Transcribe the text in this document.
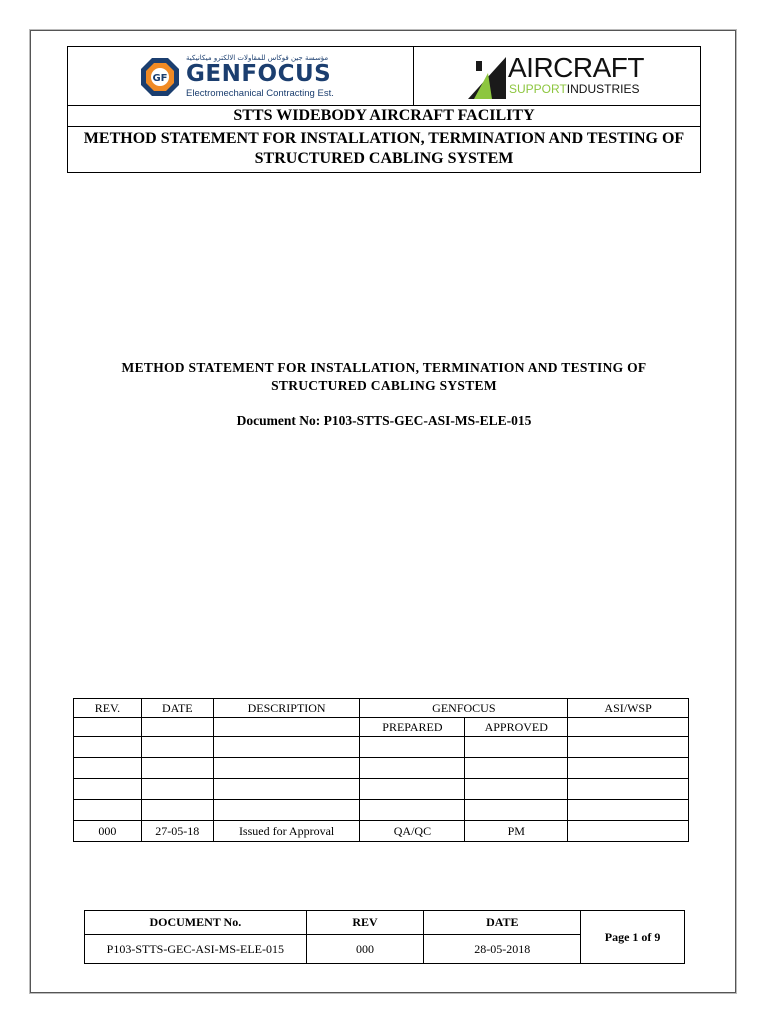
GF
مؤسسة جين فوكاس للمقاولات الالكترو ميكانيكية
GENFOCUS
Electromechanical Contracting Est.
AIRCRAFT
SUPPORTINDUSTRIES
STTS WIDEBODY AIRCRAFT FACILITY
METHOD STATEMENT FOR INSTALLATION, TERMINATION AND TESTING OF STRUCTURED CABLING SYSTEM
METHOD STATEMENT FOR INSTALLATION, TERMINATION AND TESTING OF
STRUCTURED CABLING SYSTEM
Document No: P103-STTS-GEC-ASI-MS-ELE-015
REV.	DATE	DESCRIPTION	GENFOCUS		ASI/WSP
			PREPARED	APPROVED	

000	27-05-18	Issued for Approval	QA/QC	PM	
DOCUMENT No.	REV	DATE	Page 1 of 9
P103-STTS-GEC-ASI-MS-ELE-015	000	28-05-2018	
